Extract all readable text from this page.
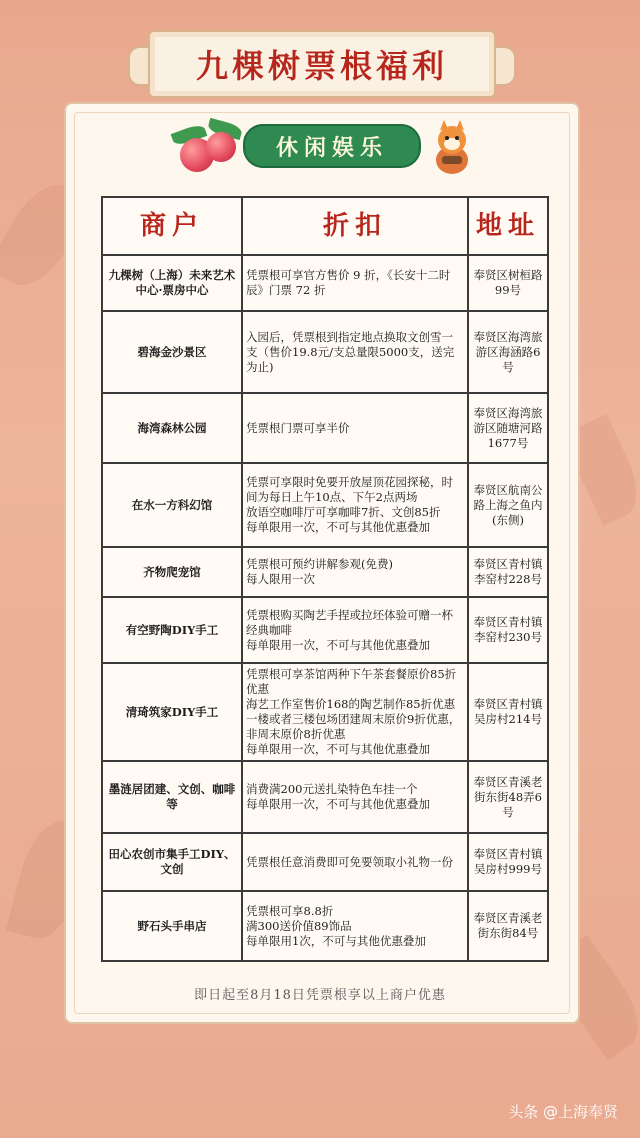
九棵树票根福利
休闲娱乐
商户	折扣	地址
九棵树（上海）未来艺术中心·票房中心	凭票根可享官方售价 9 折，《长安十二时辰》门票 72 折	奉贤区树桓路99号
碧海金沙景区	入园后，凭票根到指定地点换取文创雪一支（售价19.8元/支总量限5000支，送完为止)	奉贤区海湾旅游区海涵路6号
海湾森林公园	凭票根门票可享半价	奉贤区海湾旅游区随塘河路1677号
在水一方科幻馆	凭票可享限时免要开放屋顶花园探秘，时间为每日上午10点、下午2点两场
放语空咖啡厅可享咖啡7折、文创85折
每单限用一次，不可与其他优惠叠加	奉贤区航南公路上海之鱼内(东侧)
齐物爬宠馆	凭票根可预约讲解参观(免费)
每人限用一次	奉贤区青村镇李窑村228号
有空野陶DIY手工	凭票根购买陶艺手捏或拉坯体验可赠一杯经典咖啡
每单限用一次，不可与其他优惠叠加	奉贤区青村镇李窑村230号
清琦筑家DIY手工	凭票根可享茶馆两种下午茶套餐原价85折优惠
海艺工作室售价168的陶艺制作85折优惠
一楼或者三楼包场团建周末原价9折优惠，非周末原价8折优惠
每单限用一次，不可与其他优惠叠加	奉贤区青村镇吴房村214号
墨涟居团建、文创、咖啡等	消费满200元送扎染特色车挂一个
每单限用一次，不可与其他优惠叠加	奉贤区青溪老街东街48弄6号
田心农创市集手工DIY、文创	凭票根任意消费即可免要领取小礼物一份	奉贤区青村镇吴房村999号
野石头手串店	凭票根可享8.8折
满300送价值89饰品
每单限用1次，不可与其他优惠叠加	奉贤区青溪老街东街84号
即日起至8月18日凭票根享以上商户优惠
头条 @上海奉贤
